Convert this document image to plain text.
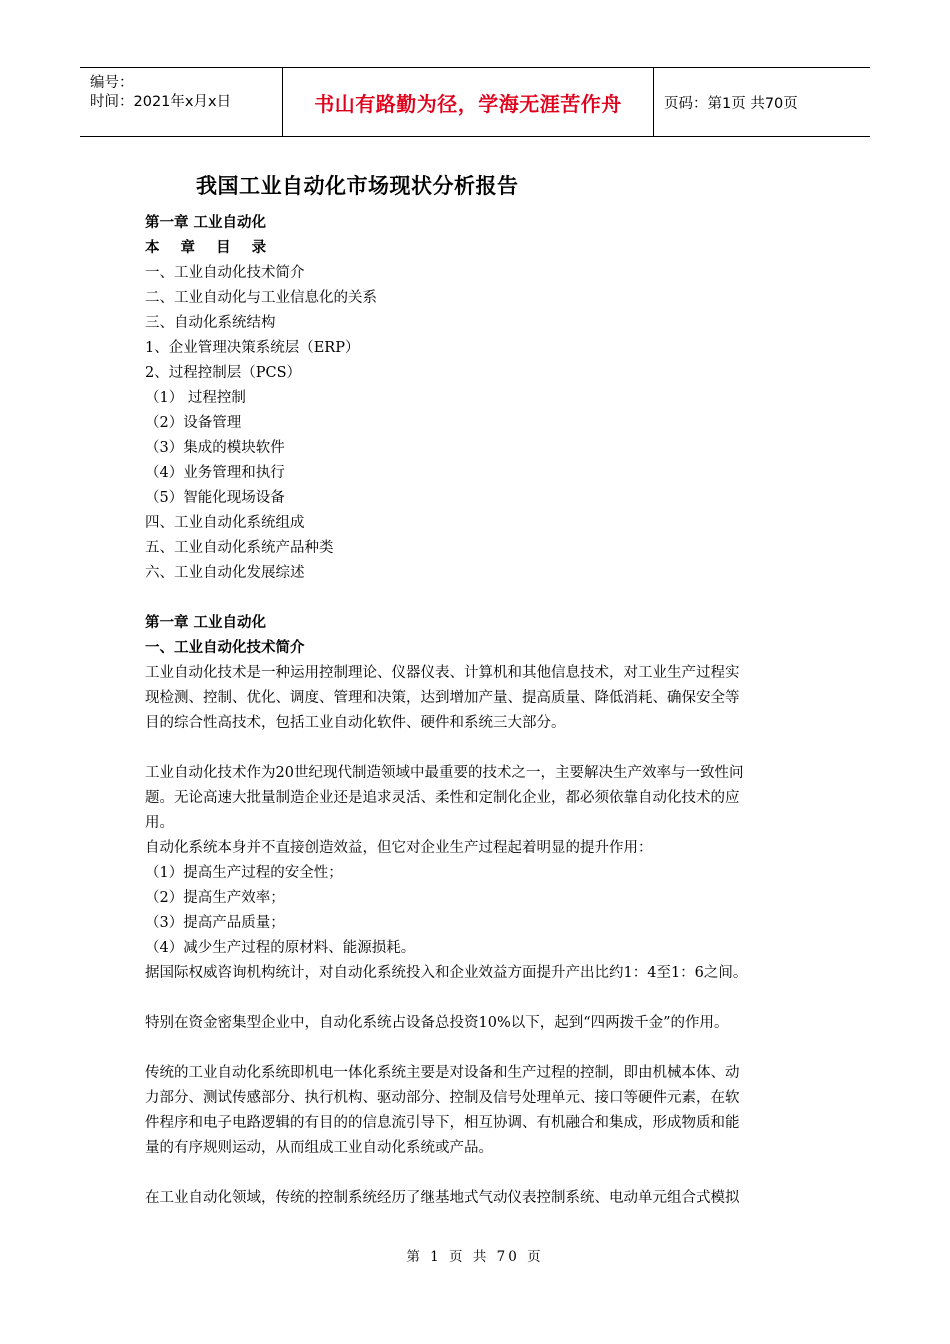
编号：
时间：2021年x月x日	书山有路勤为径，学海无涯苦作舟	页码：第1页 共70页
我国工业自动化市场现状分析报告

第一章 工业自动化

本 章 目 录

一、工业自动化技术简介

二、工业自动化与工业信息化的关系

三、自动化系统结构

1、企业管理决策系统层（ERP）

2、过程控制层（PCS）

（1） 过程控制

（2）设备管理

（3）集成的模块软件

（4）业务管理和执行

（5）智能化现场设备

四、工业自动化系统组成

五、工业自动化系统产品种类

六、工业自动化发展综述

第一章 工业自动化

一、工业自动化技术简介

工业自动化技术是一种运用控制理论、仪器仪表、计算机和其他信息技术，对工业生产过程实

现检测、控制、优化、调度、管理和决策，达到增加产量、提高质量、降低消耗、确保安全等

目的综合性高技术，包括工业自动化软件、硬件和系统三大部分。

工业自动化技术作为20世纪现代制造领域中最重要的技术之一，主要解决生产效率与一致性问

题。无论高速大批量制造企业还是追求灵活、柔性和定制化企业，都必须依靠自动化技术的应

用。

自动化系统本身并不直接创造效益，但它对企业生产过程起着明显的提升作用：

（1）提高生产过程的安全性；

（2）提高生产效率；

（3）提高产品质量；

（4）减少生产过程的原材料、能源损耗。

据国际权威咨询机构统计，对自动化系统投入和企业效益方面提升产出比约1：4至1：6之间。

特别在资金密集型企业中，自动化系统占设备总投资10%以下，起到“四两拨千金”的作用。

传统的工业自动化系统即机电一体化系统主要是对设备和生产过程的控制，即由机械本体、动

力部分、测试传感部分、执行机构、驱动部分、控制及信号处理单元、接口等硬件元素，在软

件程序和电子电路逻辑的有目的的信息流引导下，相互协调、有机融合和集成，形成物质和能

量的有序规则运动，从而组成工业自动化系统或产品。

在工业自动化领域，传统的控制系统经历了继基地式气动仪表控制系统、电动单元组合式模拟

第 1 页 共 70 页
